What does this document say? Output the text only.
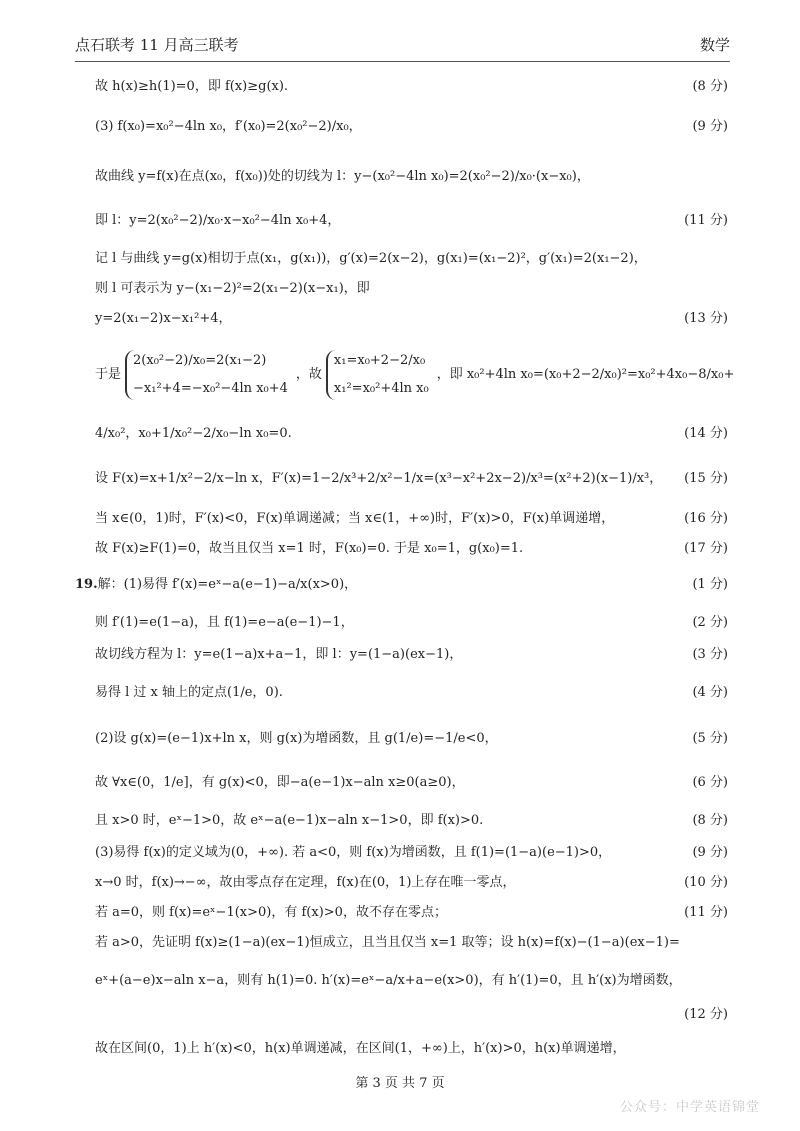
点石联考 11 月高三联考	数学
故 h(x)≥h(1)=0，即 f(x)≥g(x).	(8 分)
(3) f(x₀)=x₀²−4ln x₀，f′(x₀)=2(x₀²−2)/x₀，	(9 分)
故曲线 y=f(x)在点(x₀，f(x₀))处的切线为 l：y−(x₀²−4ln x₀)=2(x₀²−2)/x₀·(x−x₀)，
即 l：y=2(x₀²−2)/x₀·x−x₀²−4ln x₀+4，	(11 分)
记 l 与曲线 y=g(x)相切于点(x₁，g(x₁))，g′(x)=2(x−2)，g(x₁)=(x₁−2)²，g′(x₁)=2(x₁−2)，
则 l 可表示为 y−(x₁−2)²=2(x₁−2)(x−x₁)，即
y=2(x₁−2)x−x₁²+4，	(13 分)
于是
2(x₀²−2)/x₀=2(x₁−2)
−x₁²+4=−x₀²−4ln x₀+4
，故
x₁=x₀+2−2/x₀
x₁²=x₀²+4ln x₀
，即 x₀²+4ln x₀=(x₀+2−2/x₀)²=x₀²+4x₀−8/x₀+
4/x₀²，x₀+1/x₀²−2/x₀−ln x₀=0.	(14 分)
设 F(x)=x+1/x²−2/x−ln x，F′(x)=1−2/x³+2/x²−1/x=(x³−x²+2x−2)/x³=(x²+2)(x−1)/x³，	(15 分)
当 x∈(0，1)时，F′(x)<0，F(x)单调递减；当 x∈(1，+∞)时，F′(x)>0，F(x)单调递增，	(16 分)
故 F(x)≥F(1)=0，故当且仅当 x=1 时，F(x₀)=0. 于是 x₀=1，g(x₀)=1.	(17 分)
19.解：(1)易得 f′(x)=eˣ−a(e−1)−a/x(x>0)，	(1 分)
则 f′(1)=e(1−a)，且 f(1)=e−a(e−1)−1，	(2 分)
故切线方程为 l：y=e(1−a)x+a−1，即 l：y=(1−a)(ex−1)，	(3 分)
易得 l 过 x 轴上的定点(1/e，0).	(4 分)
(2)设 g(x)=(e−1)x+ln x，则 g(x)为增函数，且 g(1/e)=−1/e<0，	(5 分)
故 ∀x∈(0，1/e]，有 g(x)<0，即−a(e−1)x−aln x≥0(a≥0)，	(6 分)
且 x>0 时，eˣ−1>0，故 eˣ−a(e−1)x−aln x−1>0，即 f(x)>0.	(8 分)
(3)易得 f(x)的定义域为(0，+∞). 若 a<0，则 f(x)为增函数，且 f(1)=(1−a)(e−1)>0，	(9 分)
x→0 时，f(x)→−∞，故由零点存在定理，f(x)在(0，1)上存在唯一零点，	(10 分)
若 a=0，则 f(x)=eˣ−1(x>0)，有 f(x)>0，故不存在零点；	(11 分)
若 a>0，先证明 f(x)≥(1−a)(ex−1)恒成立，且当且仅当 x=1 取等；设 h(x)=f(x)−(1−a)(ex−1)=
eˣ+(a−e)x−aln x−a，则有 h(1)=0. h′(x)=eˣ−a/x+a−e(x>0)，有 h′(1)=0，且 h′(x)为增函数，
(12 分)
故在区间(0，1)上 h′(x)<0，h(x)单调递减，在区间(1，+∞)上，h′(x)>0，h(x)单调递增，
第 3 页 共 7 页
公众号：中学英语锦堂
